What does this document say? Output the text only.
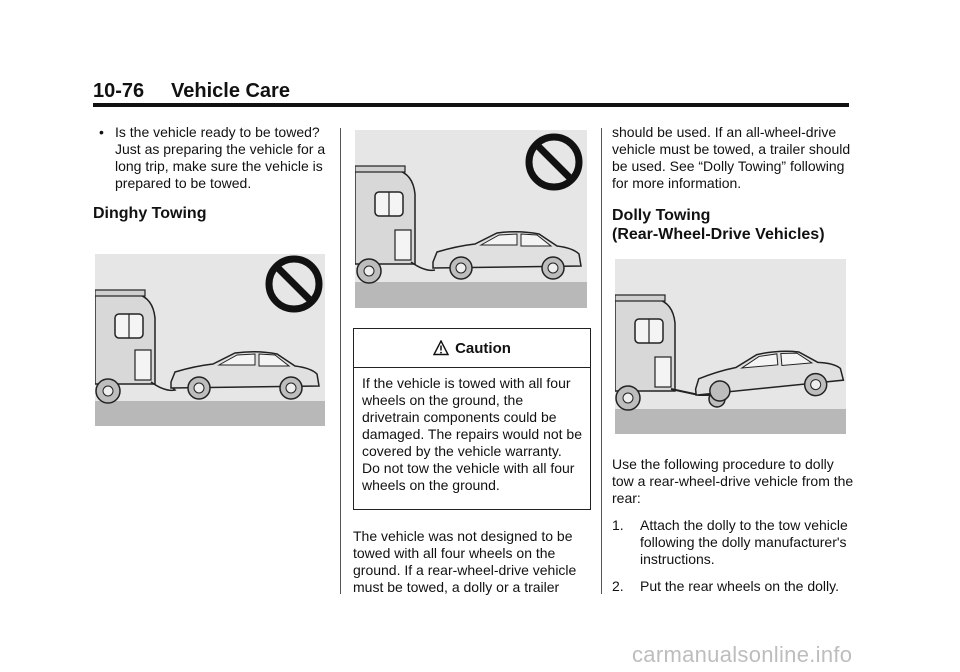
10-76 Vehicle Care
• Is the vehicle ready to be towed? Just as preparing the vehicle for a long trip, make sure the vehicle is prepared to be towed.

Dinghy Towing
Caution
If the vehicle is towed with all four wheels on the ground, the drivetrain components could be damaged. The repairs would not be covered by the vehicle warranty. Do not tow the vehicle with all four wheels on the ground.

The vehicle was not designed to be towed with all four wheels on the ground. If a rear-wheel-drive vehicle must be towed, a dolly or a trailer

should be used. If an all-wheel-drive vehicle must be towed, a trailer should be used. See “Dolly Towing” following for more information.

Dolly Towing
(Rear-Wheel-Drive Vehicles)

Use the following procedure to dolly tow a rear-wheel-drive vehicle from the rear:

1. Attach the dolly to the tow vehicle following the dolly manufacturer's instructions.

2. Put the rear wheels on the dolly.

carmanualsonline.info
